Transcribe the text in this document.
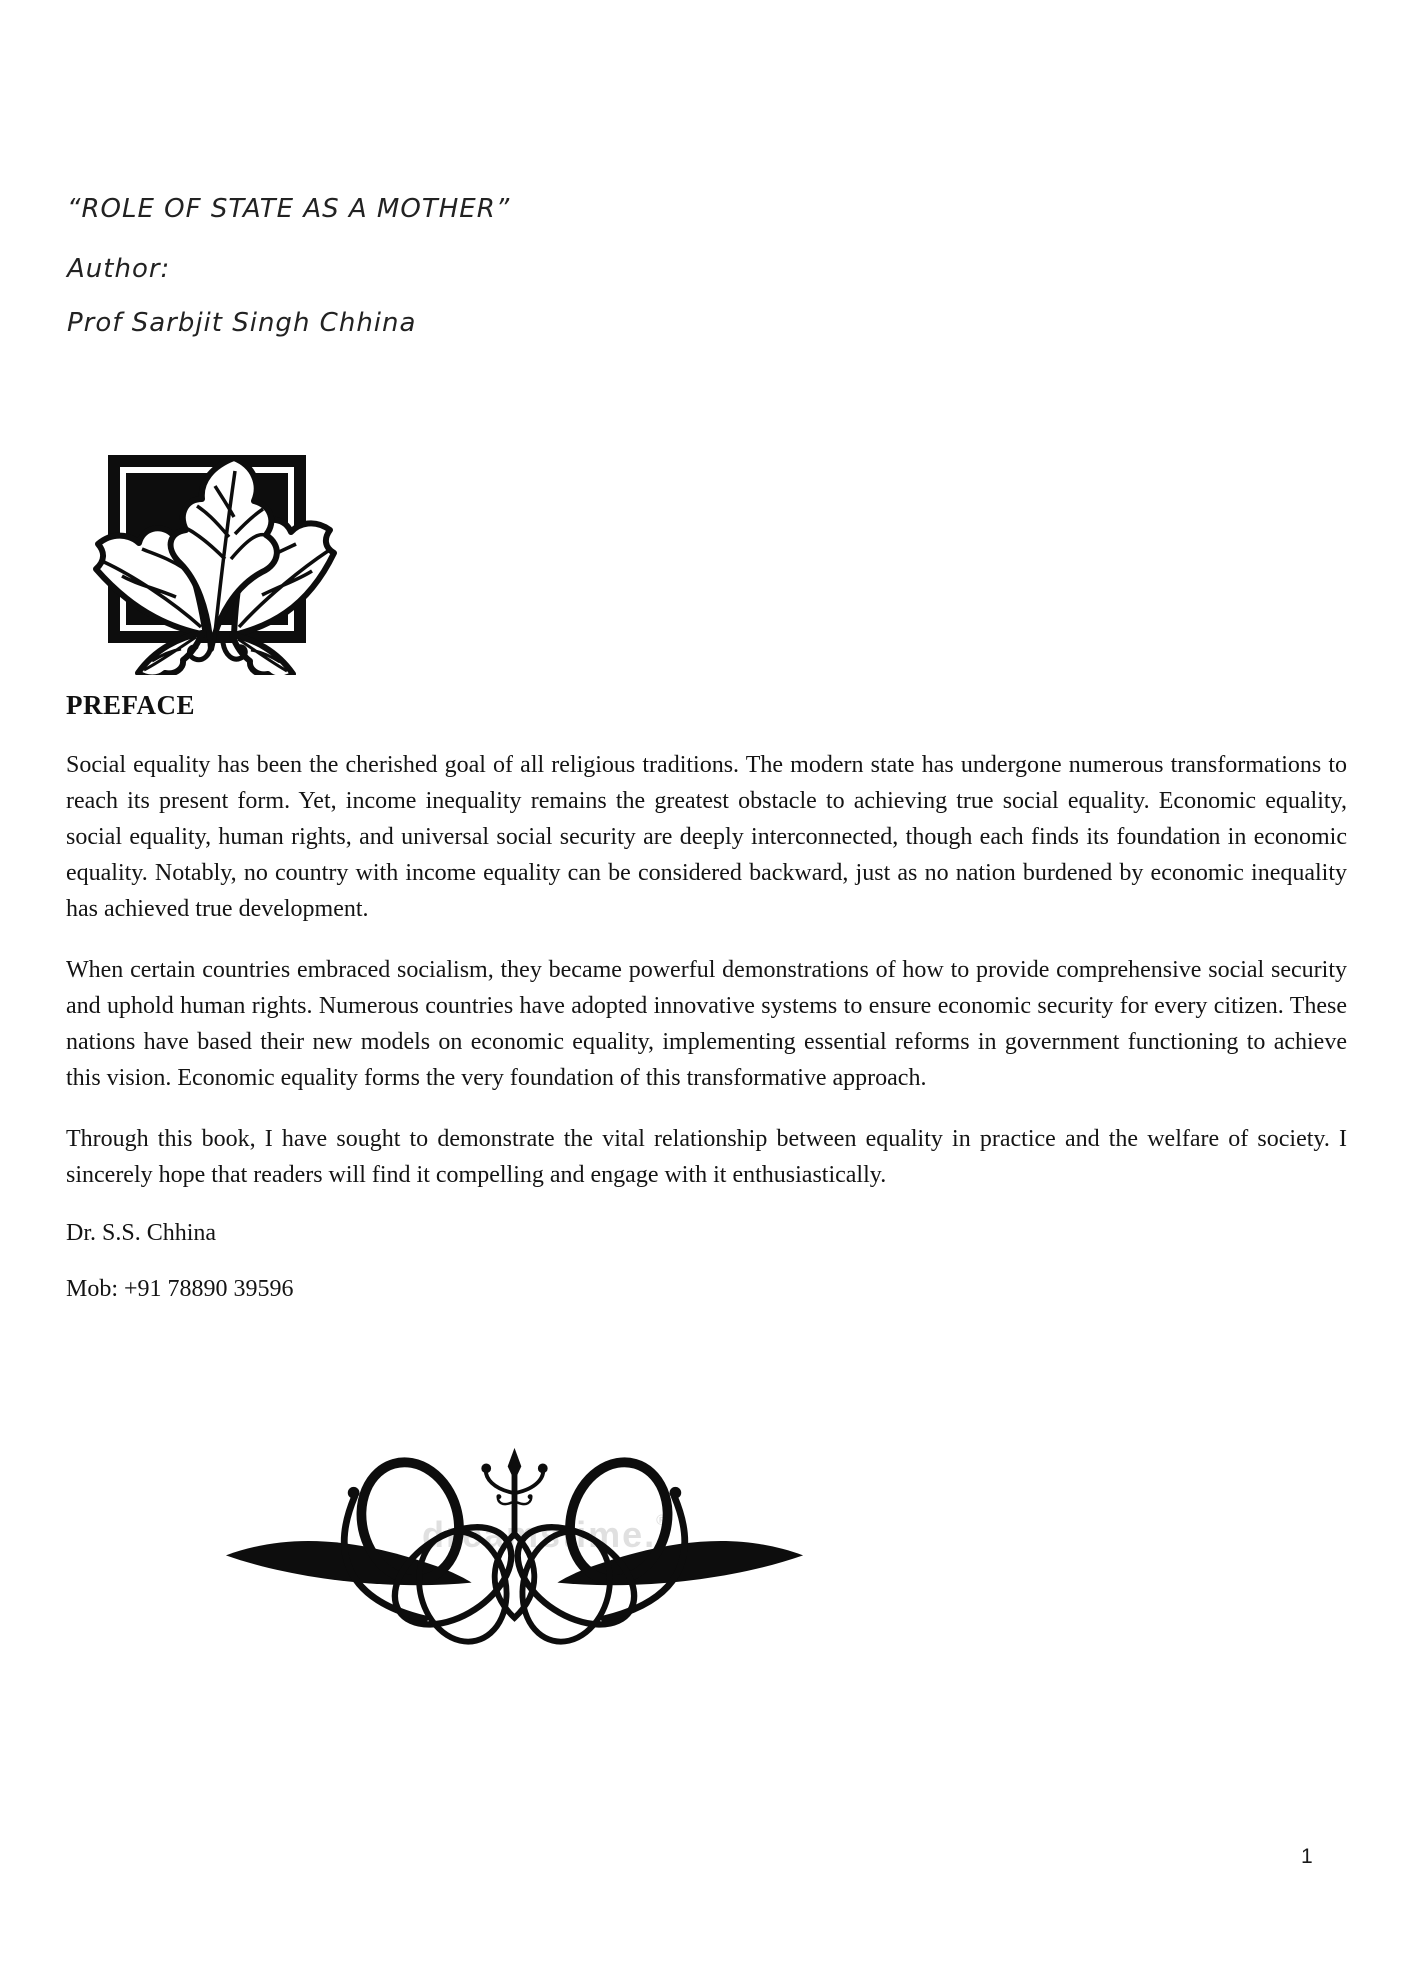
“ROLE OF STATE AS A MOTHER”
Author:
Prof Sarbjit Singh Chhina
PREFACE

Social equality has been the cherished goal of all religious traditions. The modern state has undergone numerous transformations to reach its present form. Yet, income inequality remains the greatest obstacle to achieving true social equality. Economic equality, social equality, human rights, and universal social security are deeply interconnected, though each finds its foundation in economic equality. Notably, no country with income equality can be considered backward, just as no nation burdened by economic inequality has achieved true development.

When certain countries embraced socialism, they became powerful demonstrations of how to provide comprehensive social security and uphold human rights. Numerous countries have adopted innovative systems to ensure economic security for every citizen. These nations have based their new models on economic equality, implementing essential reforms in government functioning to achieve this vision. Economic equality forms the very foundation of this transformative approach.

Through this book, I have sought to demonstrate the vital relationship between equality in practice and the welfare of society. I sincerely hope that readers will find it compelling and engage with it enthusiastically.

Dr. S.S. Chhina

Mob: +91 78890 39596

dreamstime.®
1
